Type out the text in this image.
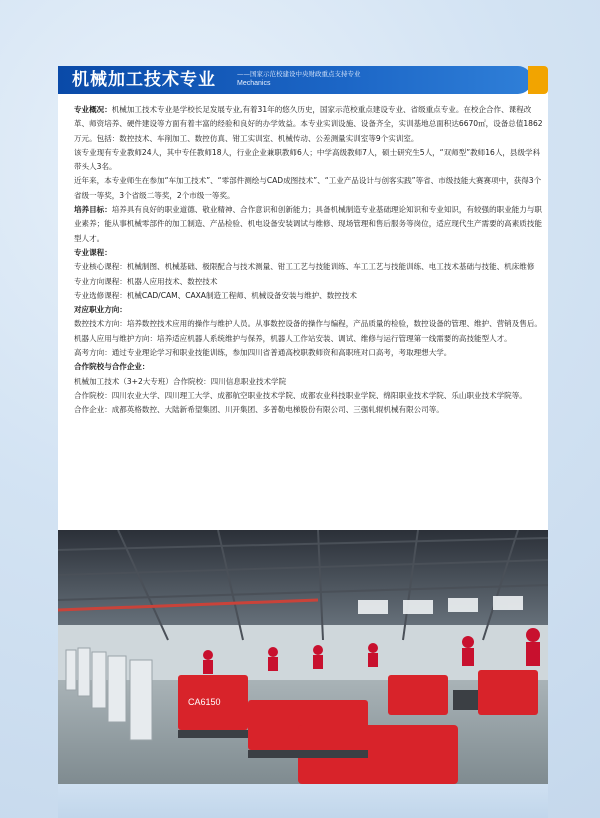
机械加工技术专业	——国家示范校建设中央财政重点支持专业
Mechanics

专业概况：机械加工技术专业是学校长足发展专业,有着31年的悠久历史，国家示范校重点建设专业、省级重点专业。在校企合作、课程改革、师资培养、硬件建设等方面有着丰富的经验和良好的办学效益。本专业实训设施、设备齐全，实训基地总面积达6670㎡，设备总值1862万元。包括：数控技术、车削加工、数控仿真、钳工实训室、机械传动、公差测量实训室等9个实训室。

该专业现有专业教师24人，其中专任教师18人，行业企业兼职教师6人；中学高级教师7人，硕士研究生5人，“双师型”教师16人，县级学科带头人3名。

近年来，本专业师生在参加“车加工技术”、“零部件测绘与CAD成图技术”、“工业产品设计与创客实践”等省、市级技能大赛赛项中，获得3个省级一等奖，3个省级二等奖，2个市级一等奖。

培养目标：培养具有良好的职业道德、敬业精神、合作意识和创新能力；具备机械制造专业基础理论知识和专业知识，有较强的职业能力与职业素养；能从事机械零部件的加工制造、产品检验、机电设备安装调试与维修、现场管理和售后服务等岗位，适应现代生产需要的高素质技能型人才。

专业课程：

专业核心课程：机械制图、机械基础、极限配合与技术测量、钳工工艺与技能训练、车工工艺与技能训练、电工技术基础与技能、机床维修

专业方向课程：机器人应用技术、数控技术

专业选修课程：机械CAD/CAM、CAXA制造工程师、机械设备安装与维护、数控技术

对应职业方向：

数控技术方向：培养数控技术应用的操作与维护人员。从事数控设备的操作与编程，产品质量的检验，数控设备的管理、维护、营销及售后。

机器人应用与维护方向：培养适应机器人系统维护与保养，机器人工作站安装、调试、维修与运行管理第一线需要的高技能型人才。

高考方向：通过专业理论学习和职业技能训练，参加四川省普通高校职教师资和高职班对口高考，考取理想大学。

合作院校与合作企业：

机械加工技术（3+2大专班）合作院校：四川信息职业技术学院

合作院校：四川农业大学、四川理工大学、成都航空职业技术学院、成都农业科技职业学院、绵阳职业技术学院、乐山职业技术学院等。

合作企业：成都英格数控、大陆新希望集团、川开集团、多普勒电梯股份有限公司、三强轧辊机械有限公司等。

CA6150
